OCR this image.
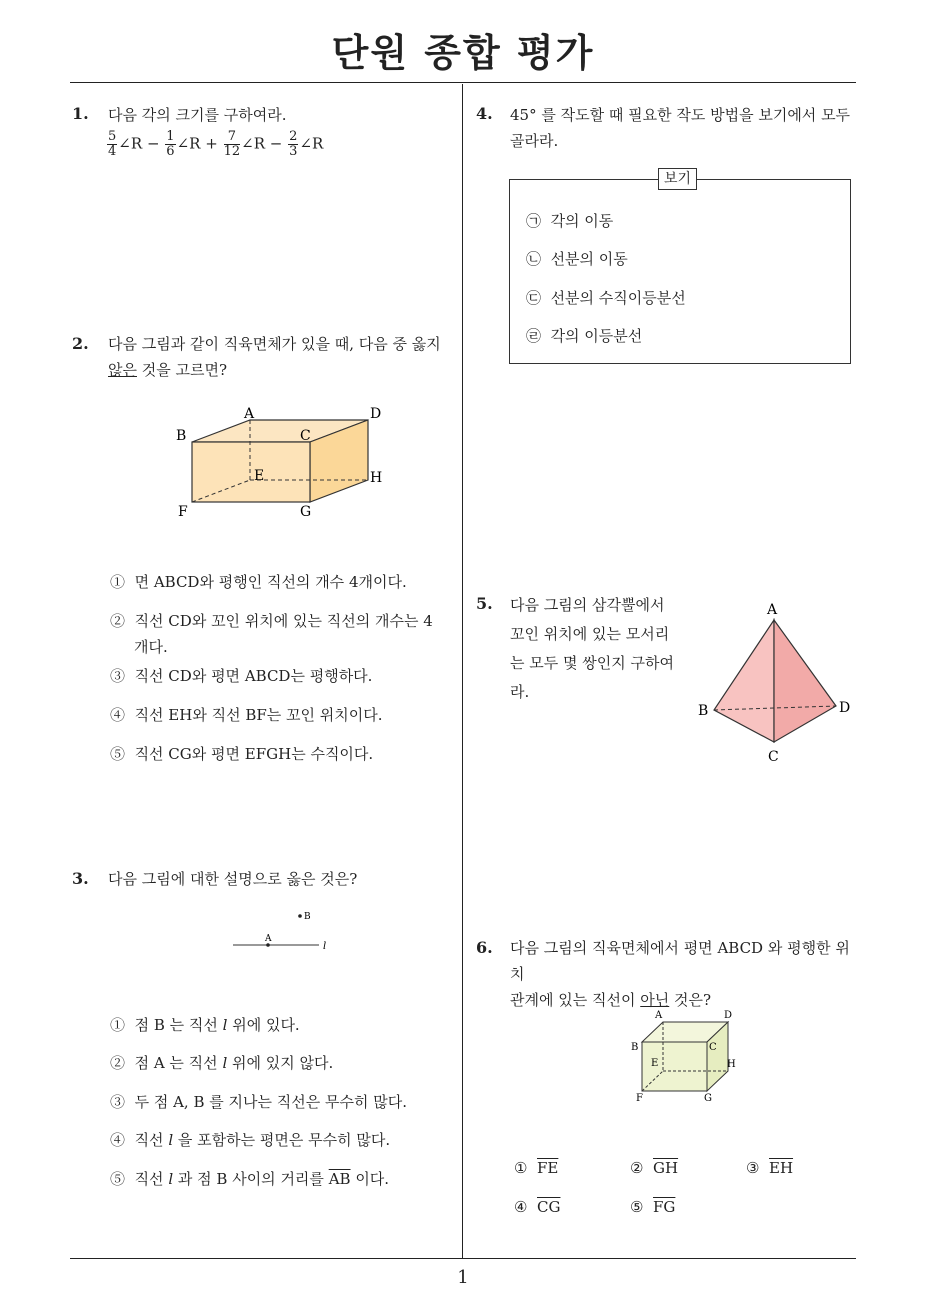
단원 종합 평가
1. 다음 각의 크기를 구하여라.
$\frac{5}{4}$ ∠R − $\frac{1}{6}$ ∠R + $\frac{7}{12}$ ∠R − $\frac{2}{3}$ ∠R
2. 다음 그림과 같이 직육면체가 있을 때, 다음 중 옳지
않은 것을 고르면?
A	D
B	C
E	H
F	G
① 면 ABCD와 평행인 직선의 개수 4개이다.
② 직선 CD와 꼬인 위치에 있는 직선의 개수는 4
개다.
③ 직선 CD와 평면 ABCD는 평행하다.
④ 직선 EH와 직선 BF는 꼬인 위치이다.
⑤ 직선 CG와 평면 EFGH는 수직이다.
3. 다음 그림에 대한 설명으로 옳은 것은?
A
B
l
① 점 B 는 직선 l 위에 있다.
② 점 A 는 직선 l 위에 있지 않다.
③ 두 점 A, B 를 지나는 직선은 무수히 많다.
④ 직선 l 을 포함하는 평면은 무수히 많다.
⑤ 직선 l 과 점 B 사이의 거리를 $\overline{AB}$ 이다.
4. 45° 를 작도할 때 필요한 작도 방법을 보기에서 모두
골라라.
보기
㉠ 각의 이동
㉡ 선분의 이동
㉢ 선분의 수직이등분선
㉣ 각의 이등분선
5. 다음 그림의 삼각뿔에서
꼬인 위치에 있는 모서리
는 모두 몇 쌍인지 구하여
라.
A
B	D
C
6. 다음 그림의 직육면체에서 평면 ABCD 와 평행한 위치
관계에 있는 직선이 아닌 것은?
A	D
B	C
E	H
F	G
① $\overline{FE}$	② $\overline{GH}$	③ $\overline{EH}$
④ $\overline{CG}$	⑤ $\overline{FG}$
1
